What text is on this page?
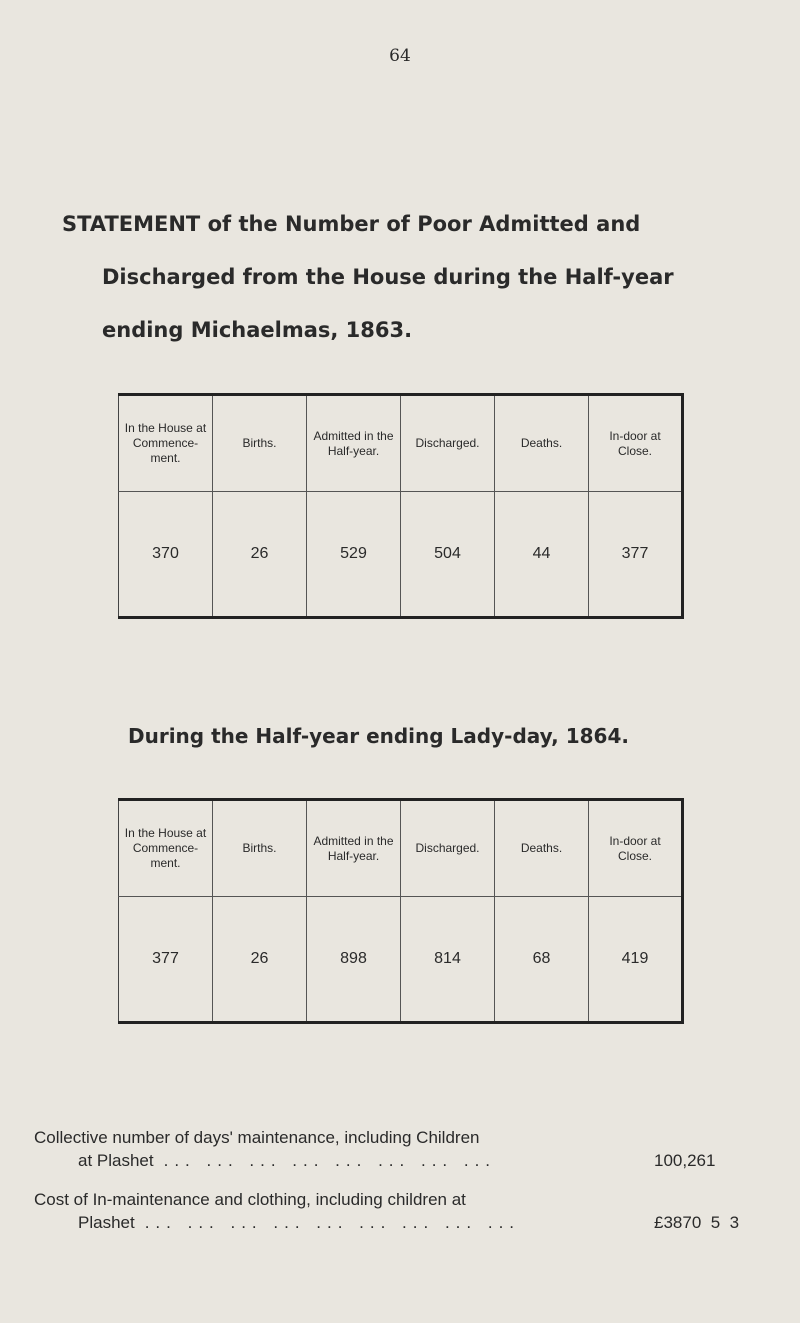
64
STATEMENT of the Number of Poor Admitted and
Discharged from the House during the Half-year
ending Michaelmas, 1863.
In the House at Commence-ment.	Births.	Admitted in the Half-year.	Discharged.	Deaths.	In-door at Close.
370	26	529	504	44	377
During the Half-year ending Lady-day, 1864.
In the House at Commence-ment.	Births.	Admitted in the Half-year.	Discharged.	Deaths.	In-door at Close.
377	26	898	814	68	419
Collective number of days' maintenance, including Children
at Plashet ... ... ... ... ... ... ... ...	100,261
Cost of In-maintenance and clothing, including children at
Plashet ... ... ... ... ... ... ... ... ...	£3870  5  3
